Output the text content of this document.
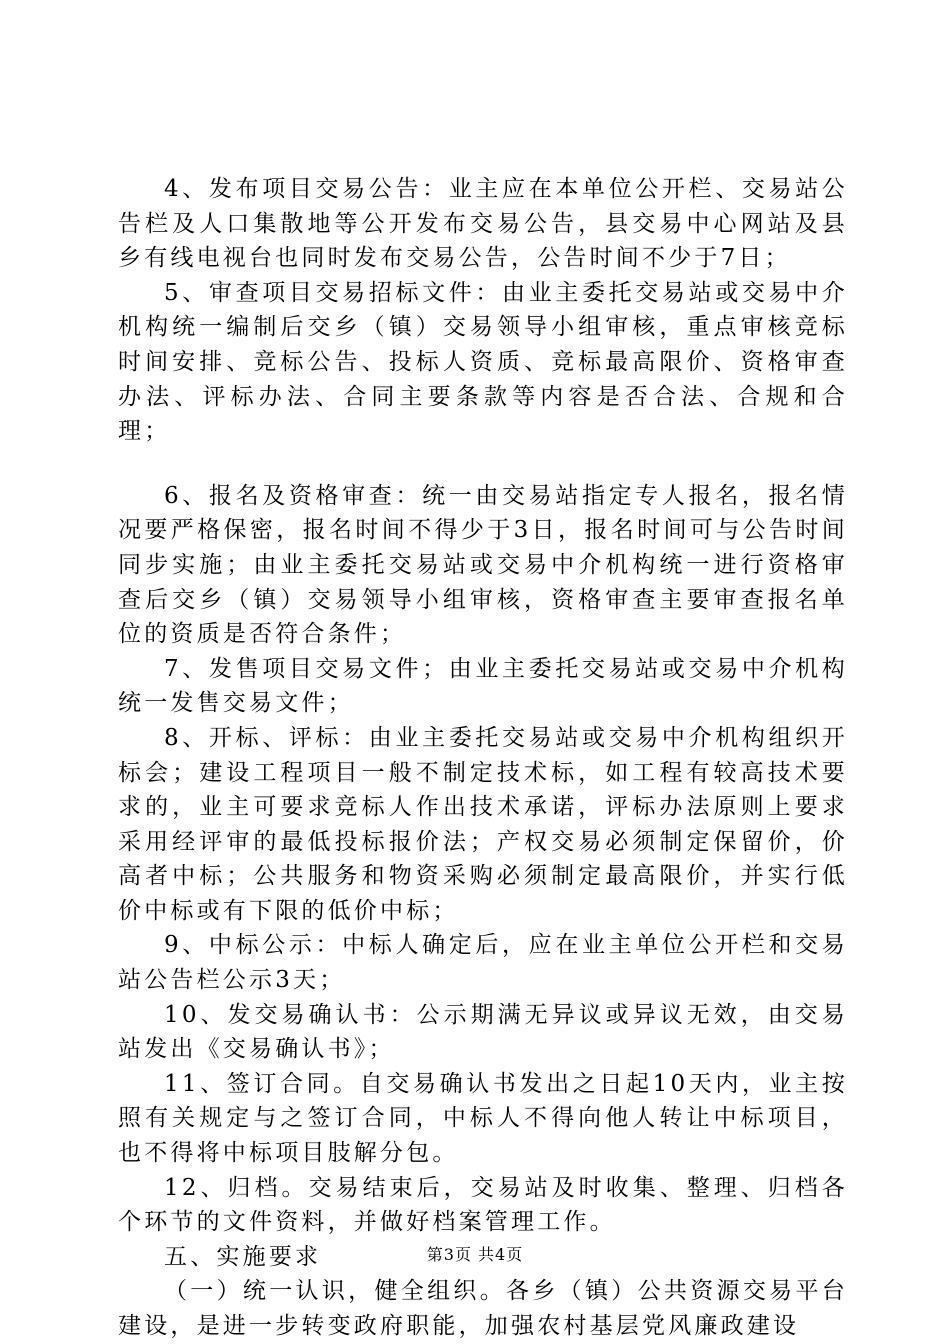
4、发布项目交易公告：业主应在本单位公开栏、交易站公告栏及人口集散地等公开发布交易公告，县交易中心网站及县乡有线电视台也同时发布交易公告，公告时间不少于7日；

5、审查项目交易招标文件：由业主委托交易站或交易中介机构统一编制后交乡（镇）交易领导小组审核，重点审核竞标时间安排、竞标公告、投标人资质、竞标最高限价、资格审查办法、评标办法、合同主要条款等内容是否合法、合规和合理；

6、报名及资格审查：统一由交易站指定专人报名，报名情况要严格保密，报名时间不得少于3日，报名时间可与公告时间同步实施；由业主委托交易站或交易中介机构统一进行资格审查后交乡（镇）交易领导小组审核，资格审查主要审查报名单位的资质是否符合条件；

7、发售项目交易文件；由业主委托交易站或交易中介机构统一发售交易文件；

8、开标、评标：由业主委托交易站或交易中介机构组织开标会；建设工程项目一般不制定技术标，如工程有较高技术要求的，业主可要求竞标人作出技术承诺，评标办法原则上要求采用经评审的最低投标报价法；产权交易必须制定保留价，价高者中标；公共服务和物资采购必须制定最高限价，并实行低价中标或有下限的低价中标；

9、中标公示：中标人确定后，应在业主单位公开栏和交易站公告栏公示3天；

10、发交易确认书：公示期满无异议或异议无效，由交易站发出《交易确认书》；

11、签订合同。自交易确认书发出之日起10天内，业主按照有关规定与之签订合同，中标人不得向他人转让中标项目，也不得将中标项目肢解分包。

12、归档。交易结束后，交易站及时收集、整理、归档各个环节的文件资料，并做好档案管理工作。

五、实施要求

（一）统一认识，健全组织。各乡（镇）公共资源交易平台建设，是进一步转变政府职能，加强农村基层党风廉政建设

第3页 共4页
